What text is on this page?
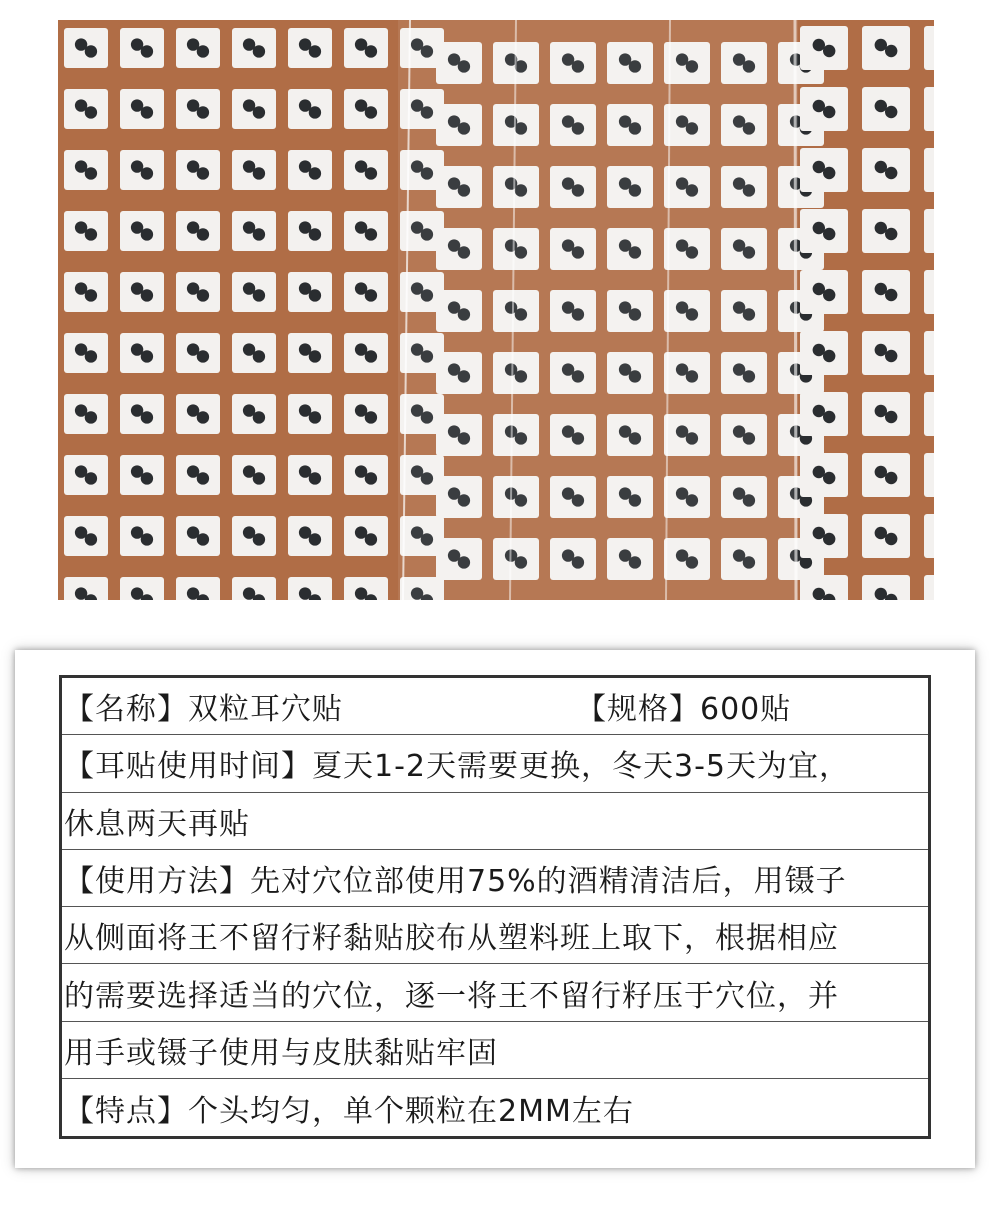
【名称】双粒耳穴贴	【规格】600贴
【耳贴使用时间】夏天1-2天需要更换，冬天3-5天为宜，
休息两天再贴
【使用方法】先对穴位部使用75%的酒精清洁后，用镊子
从侧面将王不留行籽黏贴胶布从塑料班上取下，根据相应
的需要选择适当的穴位，逐一将王不留行籽压于穴位，并
用手或镊子使用与皮肤黏贴牢固
【特点】个头均匀，单个颗粒在2MM左右
